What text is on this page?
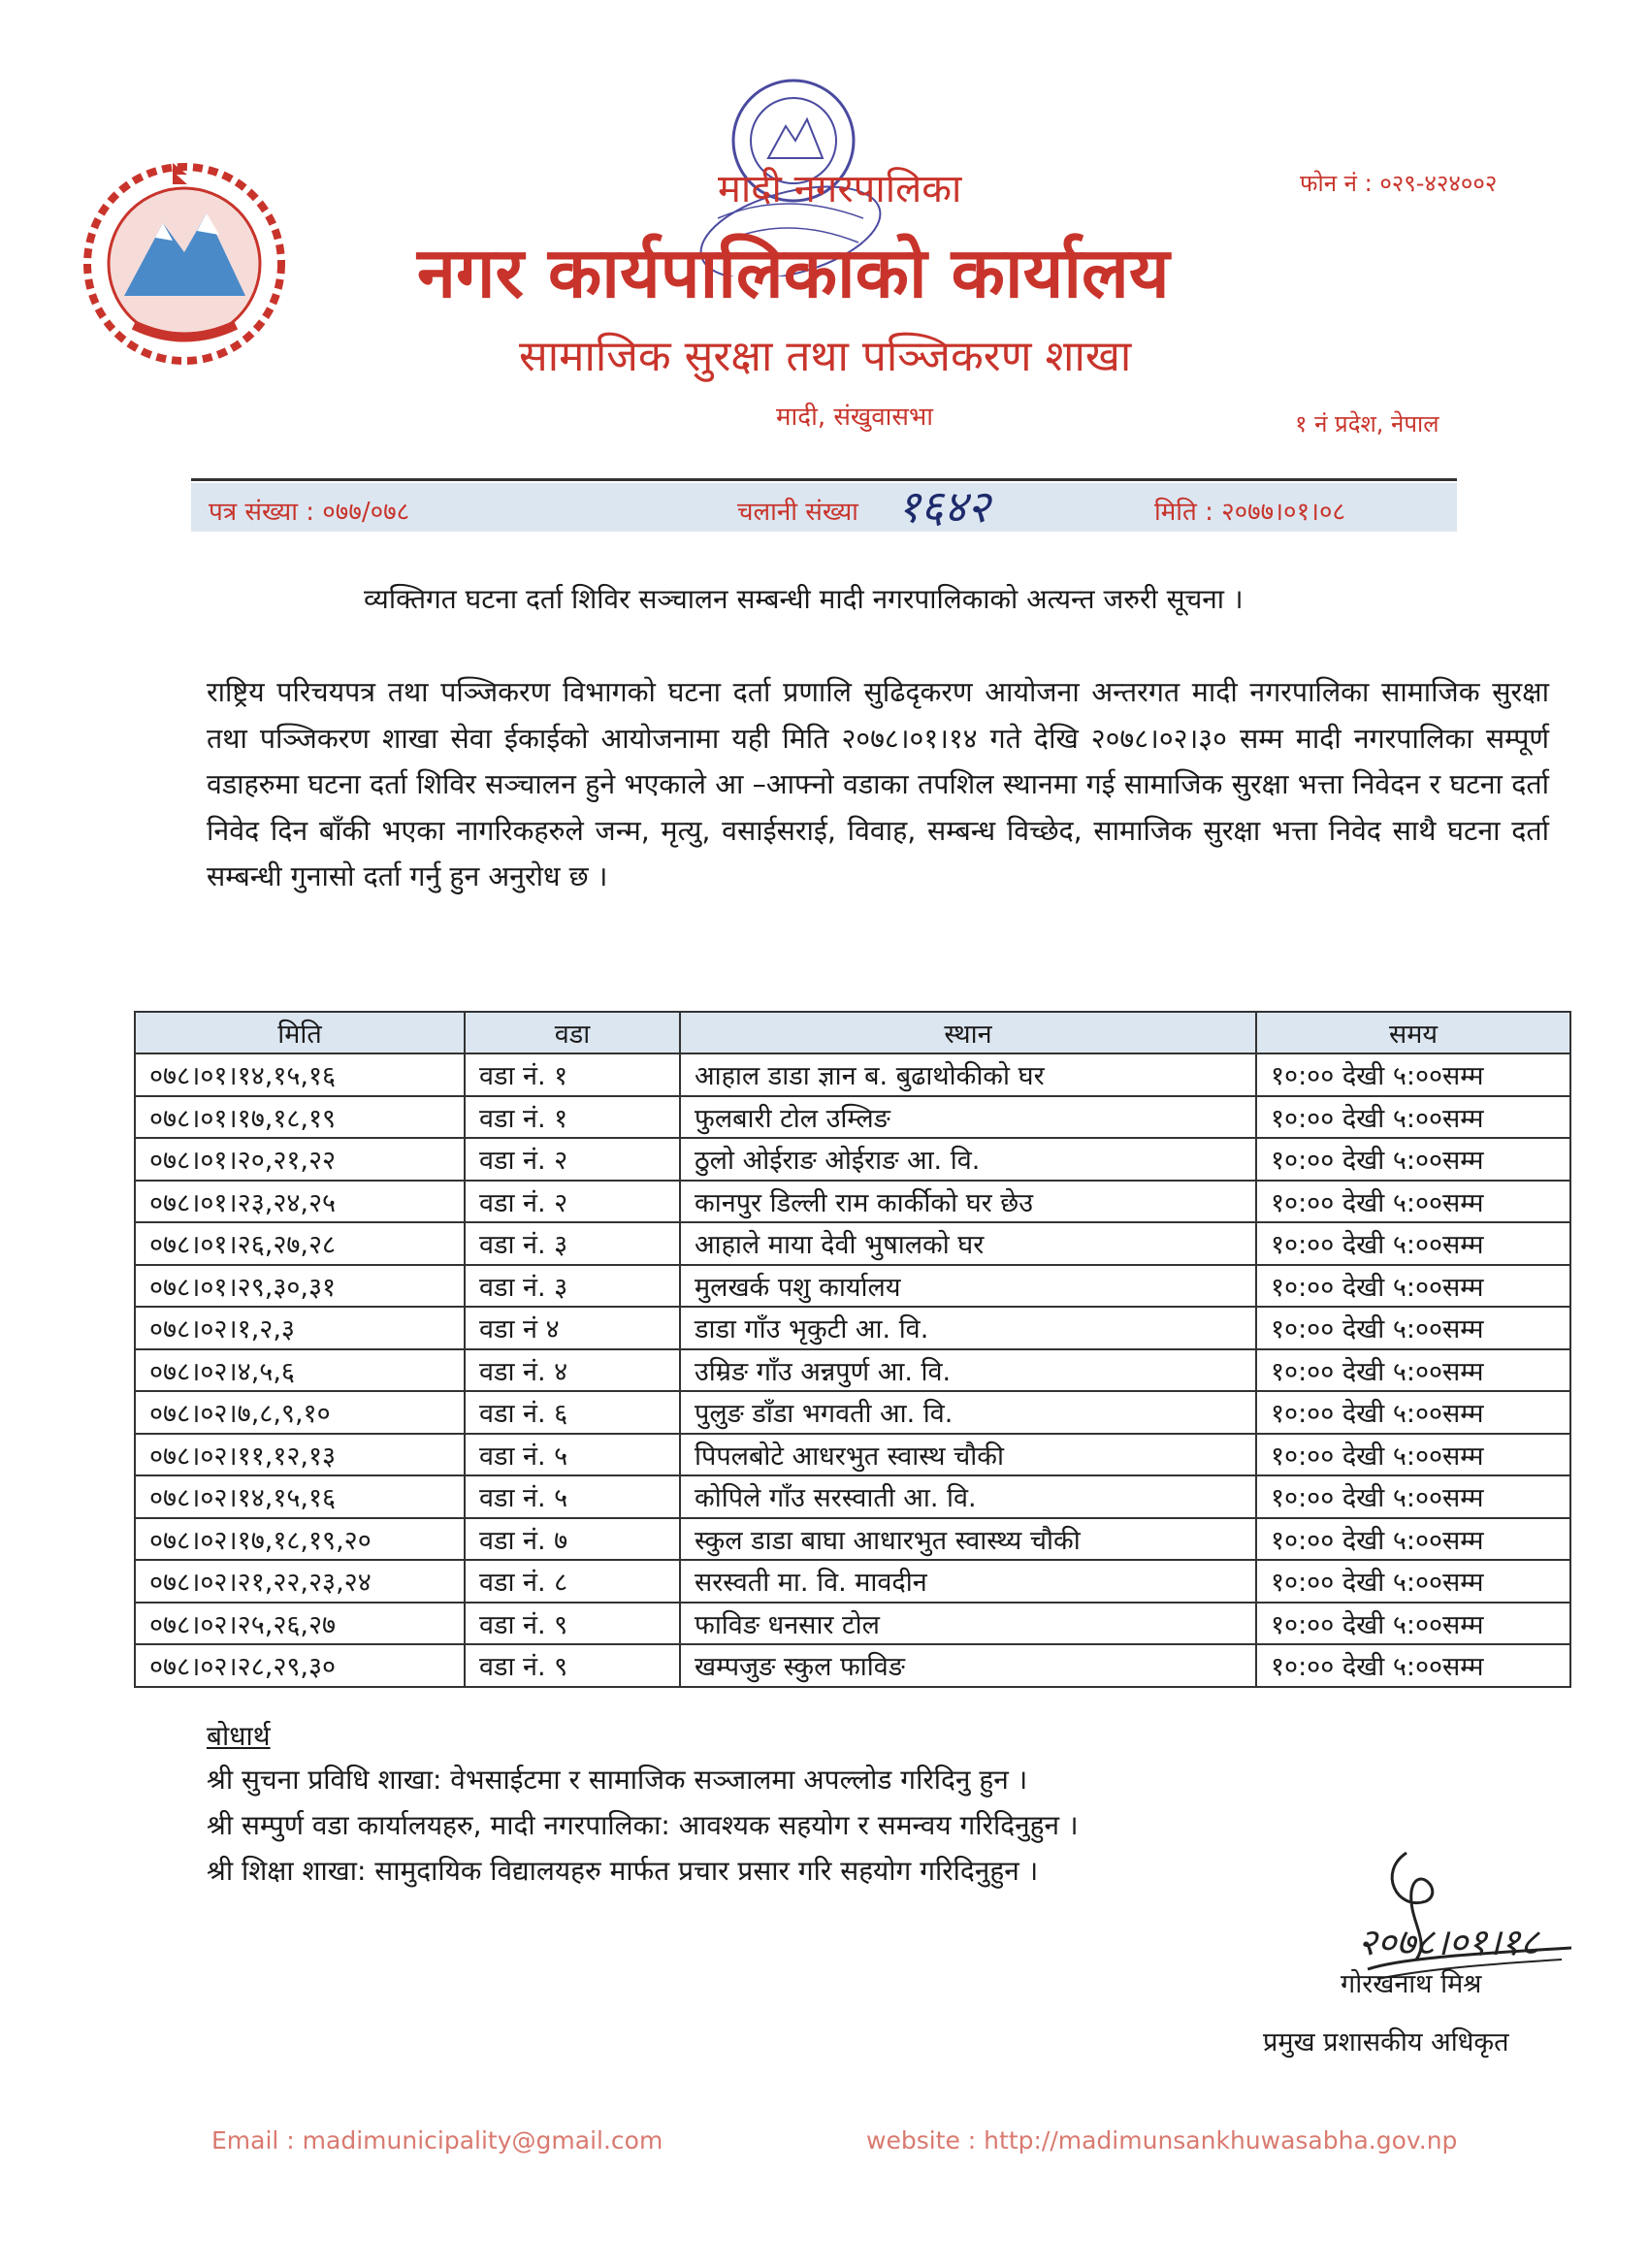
मादी नगरपालिका	फोन नं : ०२९-४२४००२
नगर कार्यपालिकाको कार्यालय
सामाजिक सुरक्षा तथा पञ्जिकरण शाखा
मादी, संखुवासभा	१ नं प्रदेश, नेपाल
पत्र संख्या : ०७७/०७८	चलानी संख्या १६४२	मिति : २०७७।०१।०८
व्यक्तिगत घटना दर्ता शिविर सञ्चालन सम्बन्धी मादी नगरपालिकाको अत्यन्त जरुरी सूचना ।
राष्ट्रिय परिचयपत्र तथा पञ्जिकरण विभागको घटना दर्ता प्रणालि सुढिदृकरण आयोजना अन्तरगत मादी नगरपालिका सामाजिक सुरक्षा तथा पञ्जिकरण शाखा सेवा ईकाईको आयोजनामा यही मिति २०७८।०१।१४ गते देखि २०७८।०२।३० सम्म मादी नगरपालिका सम्पूर्ण वडाहरुमा घटना दर्ता शिविर सञ्चालन हुने भएकाले आ –आफ्नो वडाका तपशिल स्थानमा गई सामाजिक सुरक्षा भत्ता निवेदन र घटना दर्ता निवेद दिन बाँकी भएका नागरिकहरुले जन्म, मृत्यु, वसाईसराई, विवाह, सम्बन्ध विच्छेद, सामाजिक सुरक्षा भत्ता निवेद साथै घटना दर्ता सम्बन्धी गुनासो दर्ता गर्नु हुन अनुरोध छ ।
मिति	वडा	स्थान	समय
०७८।०१।१४,१५,१६	वडा नं. १	आहाल डाडा ज्ञान ब. बुढाथोकीको घर	१०:०० देखी ५:००सम्म
०७८।०१।१७,१८,१९	वडा नं. १	फुलबारी टोल उम्लिङ	१०:०० देखी ५:००सम्म
०७८।०१।२०,२१,२२	वडा नं. २	ठुलो ओईराङ ओईराङ आ. वि.	१०:०० देखी ५:००सम्म
०७८।०१।२३,२४,२५	वडा नं. २	कानपुर डिल्ली राम कार्कीको घर छेउ	१०:०० देखी ५:००सम्म
०७८।०१।२६,२७,२८	वडा नं. ३	आहाले माया देवी भुषालको घर	१०:०० देखी ५:००सम्म
०७८।०१।२९,३०,३१	वडा नं. ३	मुलखर्क पशु कार्यालय	१०:०० देखी ५:००सम्म
०७८।०२।१,२,३	वडा नं ४	डाडा गाँउ भृकुटी आ. वि.	१०:०० देखी ५:००सम्म
०७८।०२।४,५,६	वडा नं. ४	उम्रिङ गाँउ अन्नपुर्ण आ. वि.	१०:०० देखी ५:००सम्म
०७८।०२।७,८,९,१०	वडा नं. ६	पुलुङ डाँडा भगवती आ. वि.	१०:०० देखी ५:००सम्म
०७८।०२।११,१२,१३	वडा नं. ५	पिपलबोटे आधरभुत स्वास्थ चौकी	१०:०० देखी ५:००सम्म
०७८।०२।१४,१५,१६	वडा नं. ५	कोपिले गाँउ सरस्वाती आ. वि.	१०:०० देखी ५:००सम्म
०७८।०२।१७,१८,१९,२०	वडा नं. ७	स्कुल डाडा बाघा आधारभुत स्वास्थ्य चौकी	१०:०० देखी ५:००सम्म
०७८।०२।२१,२२,२३,२४	वडा नं. ८	सरस्वती मा. वि. मावदीन	१०:०० देखी ५:००सम्म
०७८।०२।२५,२६,२७	वडा नं. ९	फाविङ धनसार टोल	१०:०० देखी ५:००सम्म
०७८।०२।२८,२९,३०	वडा नं. ९	खम्पजुङ स्कुल फाविङ	१०:०० देखी ५:००सम्म
बोधार्थ
श्री सुचना प्रविधि शाखा: वेभसाईटमा र सामाजिक सञ्जालमा अपल्लोड गरिदिनु हुन ।
श्री सम्पुर्ण वडा कार्यालयहरु, मादी नगरपालिका: आवश्यक सहयोग र समन्वय गरिदिनुहुन ।
श्री शिक्षा शाखा: सामुदायिक विद्यालयहरु मार्फत प्रचार प्रसार गरि सहयोग गरिदिनुहुन ।
२०७८।०१।१८
गोरखनाथ मिश्र
प्रमुख प्रशासकीय अधिकृत
Email : madimunicipality@gmail.com	website : http://madimunsankhuwasabha.gov.np
